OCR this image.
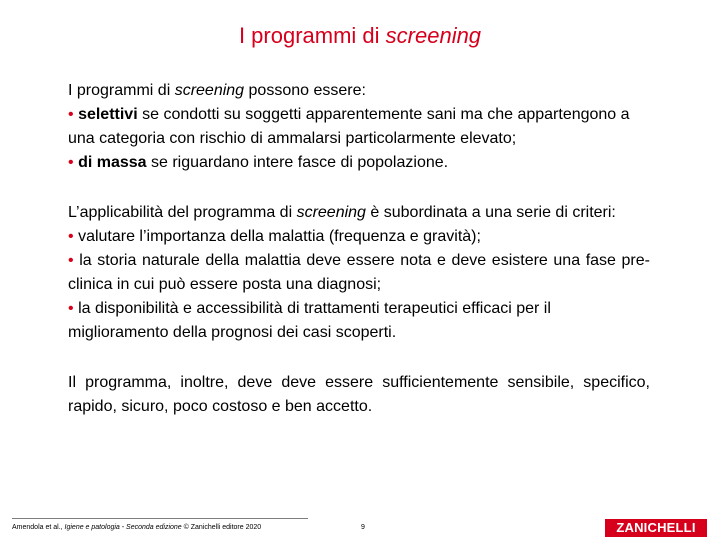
I programmi di screening
I programmi di screening possono essere:
• selettivi se condotti su soggetti apparentemente sani ma che appartengono a una categoria con rischio di ammalarsi particolarmente elevato;
• di massa se riguardano intere fasce di popolazione.
L’applicabilità del programma di screening è subordinata a una serie di criteri:
• valutare l’importanza della malattia (frequenza e gravità);
• la storia naturale della malattia deve essere nota e deve esistere una fase pre-clinica in cui può essere posta una diagnosi;
• la disponibilità e accessibilità di trattamenti terapeutici efficaci per il miglioramento della prognosi dei casi scoperti.
Il programma, inoltre, deve deve essere sufficientemente sensibile, specifico, rapido, sicuro, poco costoso e ben accetto.
Amendola et al., Igiene e patologia - Seconda edizione © Zanichelli editore 2020	9	ZANICHELLI
